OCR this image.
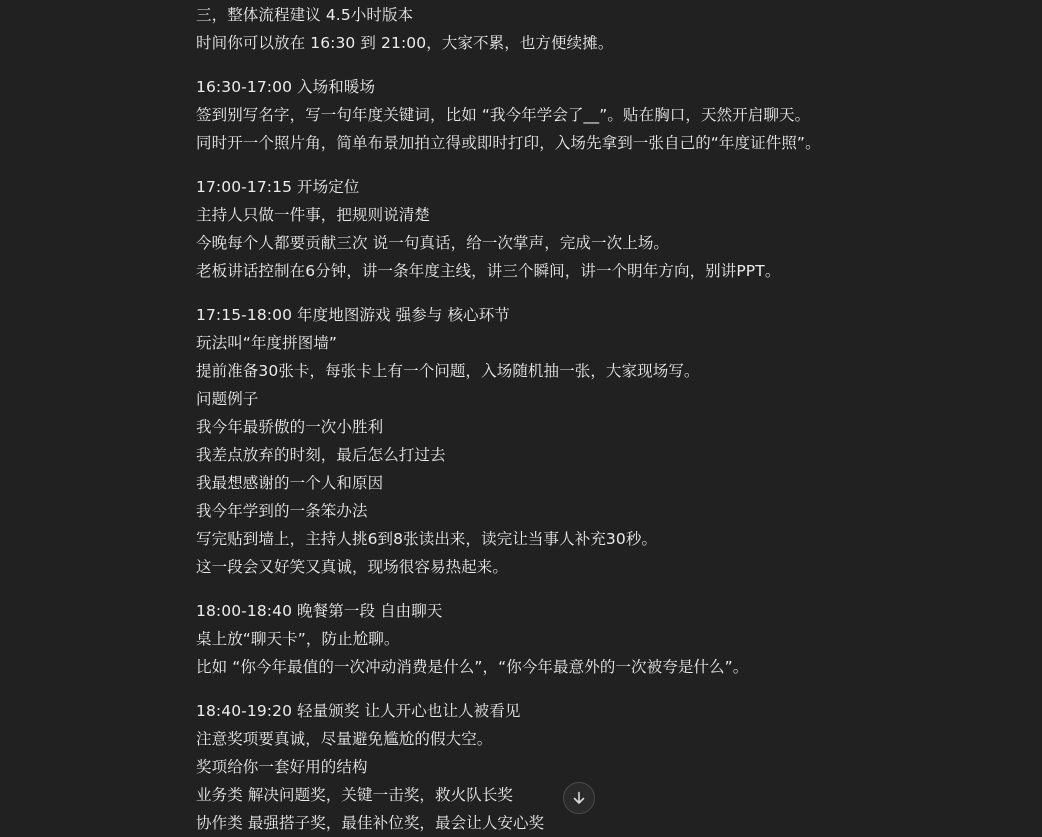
三，整体流程建议 4.5小时版本
时间你可以放在 16:30 到 21:00，大家不累，也方便续摊。
16:30-17:00 入场和暖场
签到别写名字，写一句年度关键词，比如 “我今年学会了__”。贴在胸口，天然开启聊天。
同时开一个照片角，简单布景加拍立得或即时打印，入场先拿到一张自己的“年度证件照”。
17:00-17:15 开场定位
主持人只做一件事，把规则说清楚
今晚每个人都要贡献三次 说一句真话，给一次掌声，完成一次上场。
老板讲话控制在6分钟，讲一条年度主线，讲三个瞬间，讲一个明年方向，别讲PPT。
17:15-18:00 年度地图游戏 强参与 核心环节
玩法叫“年度拼图墙”
提前准备30张卡，每张卡上有一个问题，入场随机抽一张，大家现场写。
问题例子
我今年最骄傲的一次小胜利
我差点放弃的时刻，最后怎么打过去
我最想感谢的一个人和原因
我今年学到的一条笨办法
写完贴到墙上，主持人挑6到8张读出来，读完让当事人补充30秒。
这一段会又好笑又真诚，现场很容易热起来。
18:00-18:40 晚餐第一段 自由聊天
桌上放“聊天卡”，防止尬聊。
比如 “你今年最值的一次冲动消费是什么”，“你今年最意外的一次被夸是什么”。
18:40-19:20 轻量颁奖 让人开心也让人被看见
注意奖项要真诚，尽量避免尴尬的假大空。
奖项给你一套好用的结构
业务类 解决问题奖，关键一击奖，救火队长奖
协作类 最强搭子奖，最佳补位奖，最会让人安心奖
